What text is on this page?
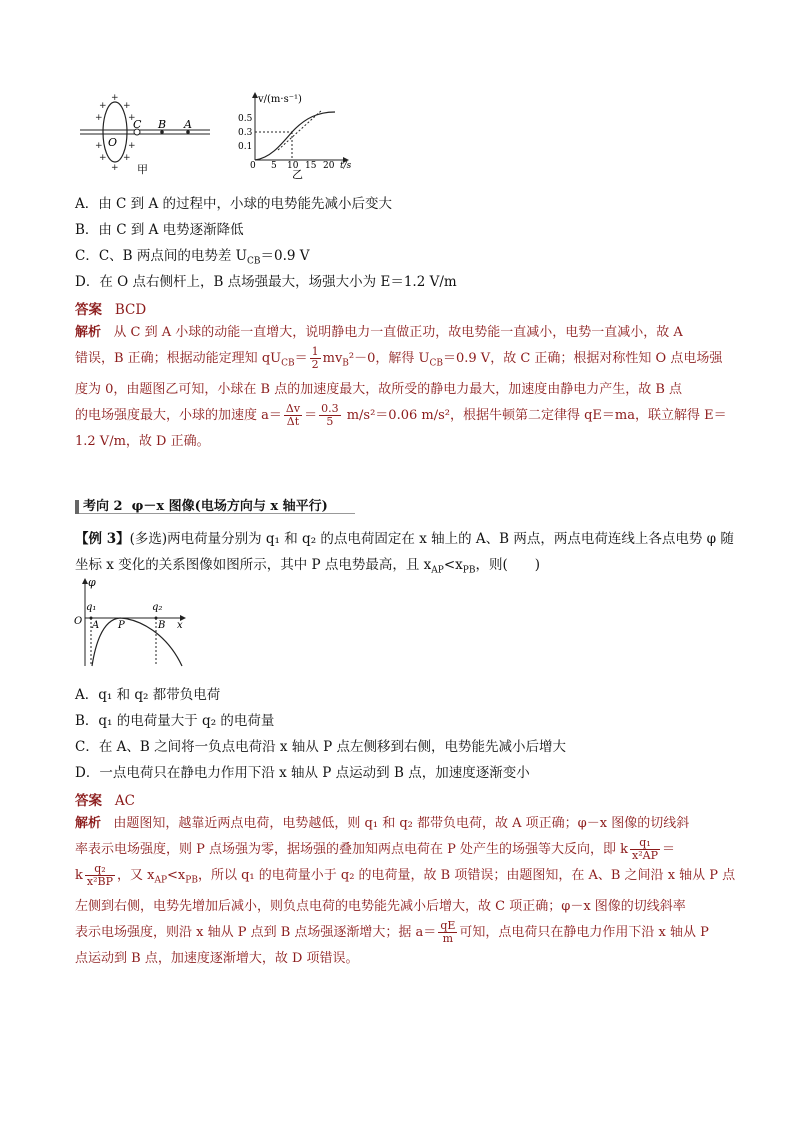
+
+ +
+	+
+	+
+ +
+
C B A
O
甲
v/(m·s⁻¹)
0.5
0.3
0.1
0 5 10 15 20 t/s
乙
A．由 C 到 A 的过程中，小球的电势能先减小后变大
B．由 C 到 A 电势逐渐降低
C．C、B 两点间的电势差 $U_{CB}=0.9$ V
D．在 O 点右侧杆上，B 点场强最大，场强大小为 E＝1.2 V/m
答案 BCD

解析 从 C 到 A 小球的动能一直增大，说明静电力一直做正功，故电势能一直减小，电势一直减小，故 A

错误，B 正确；根据动能定理知 $qU_{CB}= \frac{1}{2} mv_B^2-0$，解得 $U_{CB}=0.9$ V，故 C 正确；根据对称性知 O 点电场强

度为 0，由题图乙可知，小球在 B 点的加速度最大，故所受的静电力最大，加速度由静电力产生，故 B 点

的电场强度最大，小球的加速度 $a= \frac{\Delta v}{\Delta t} = \frac{0.3}{5} m/s^2=0.06$ m/s²，根据牛顿第二定律得 qE＝ma，联立解得 E＝

1.2 V/m，故 D 正确。

考向 2 φ－x 图像(电场方向与 x 轴平行)
【例 3】(多选)两电荷量分别为 q₁ 和 q₂ 的点电荷固定在 x 轴上的 A、B 两点，两点电荷连线上各点电势 φ 随
坐标 x 变化的关系图像如图所示，其中 P 点电势最高，且 $x_{AP}<x_{PB}$，则(　　)
φ
q₁	q₂
O A P	B x
A．q₁ 和 q₂ 都带负电荷
B．q₁ 的电荷量大于 q₂ 的电荷量
C．在 A、B 之间将一负点电荷沿 x 轴从 P 点左侧移到右侧，电势能先减小后增大
D．一点电荷只在静电力作用下沿 x 轴从 P 点运动到 B 点，加速度逐渐变小
答案 AC

解析 由题图知，越靠近两点电荷，电势越低，则 q₁ 和 q₂ 都带负电荷，故 A 项正确；φ－x 图像的切线斜

率表示电场强度，则 P 点场强为零，据场强的叠加知两点电荷在 P 处产生的场强等大反向，即 k $\frac{\text{q₁}}{\text{x²AP}}$ ＝

k $\frac{\text{q₂}}{\text{x²BP}}$ ，又 $x_{AP}<x_{PB}$，所以 q₁ 的电荷量小于 q₂ 的电荷量，故 B 项错误；由题图知，在 A、B 之间沿 x 轴从 P 点

左侧到右侧，电势先增加后减小，则负点电荷的电势能先减小后增大，故 C 项正确；φ－x 图像的切线斜率

表示电场强度，则沿 x 轴从 P 点到 B 点场强逐渐增大；据 $a= \frac{qE}{m}$ 可知，点电荷只在静电力作用下沿 x 轴从 P

点运动到 B 点，加速度逐渐增大，故 D 项错误。
